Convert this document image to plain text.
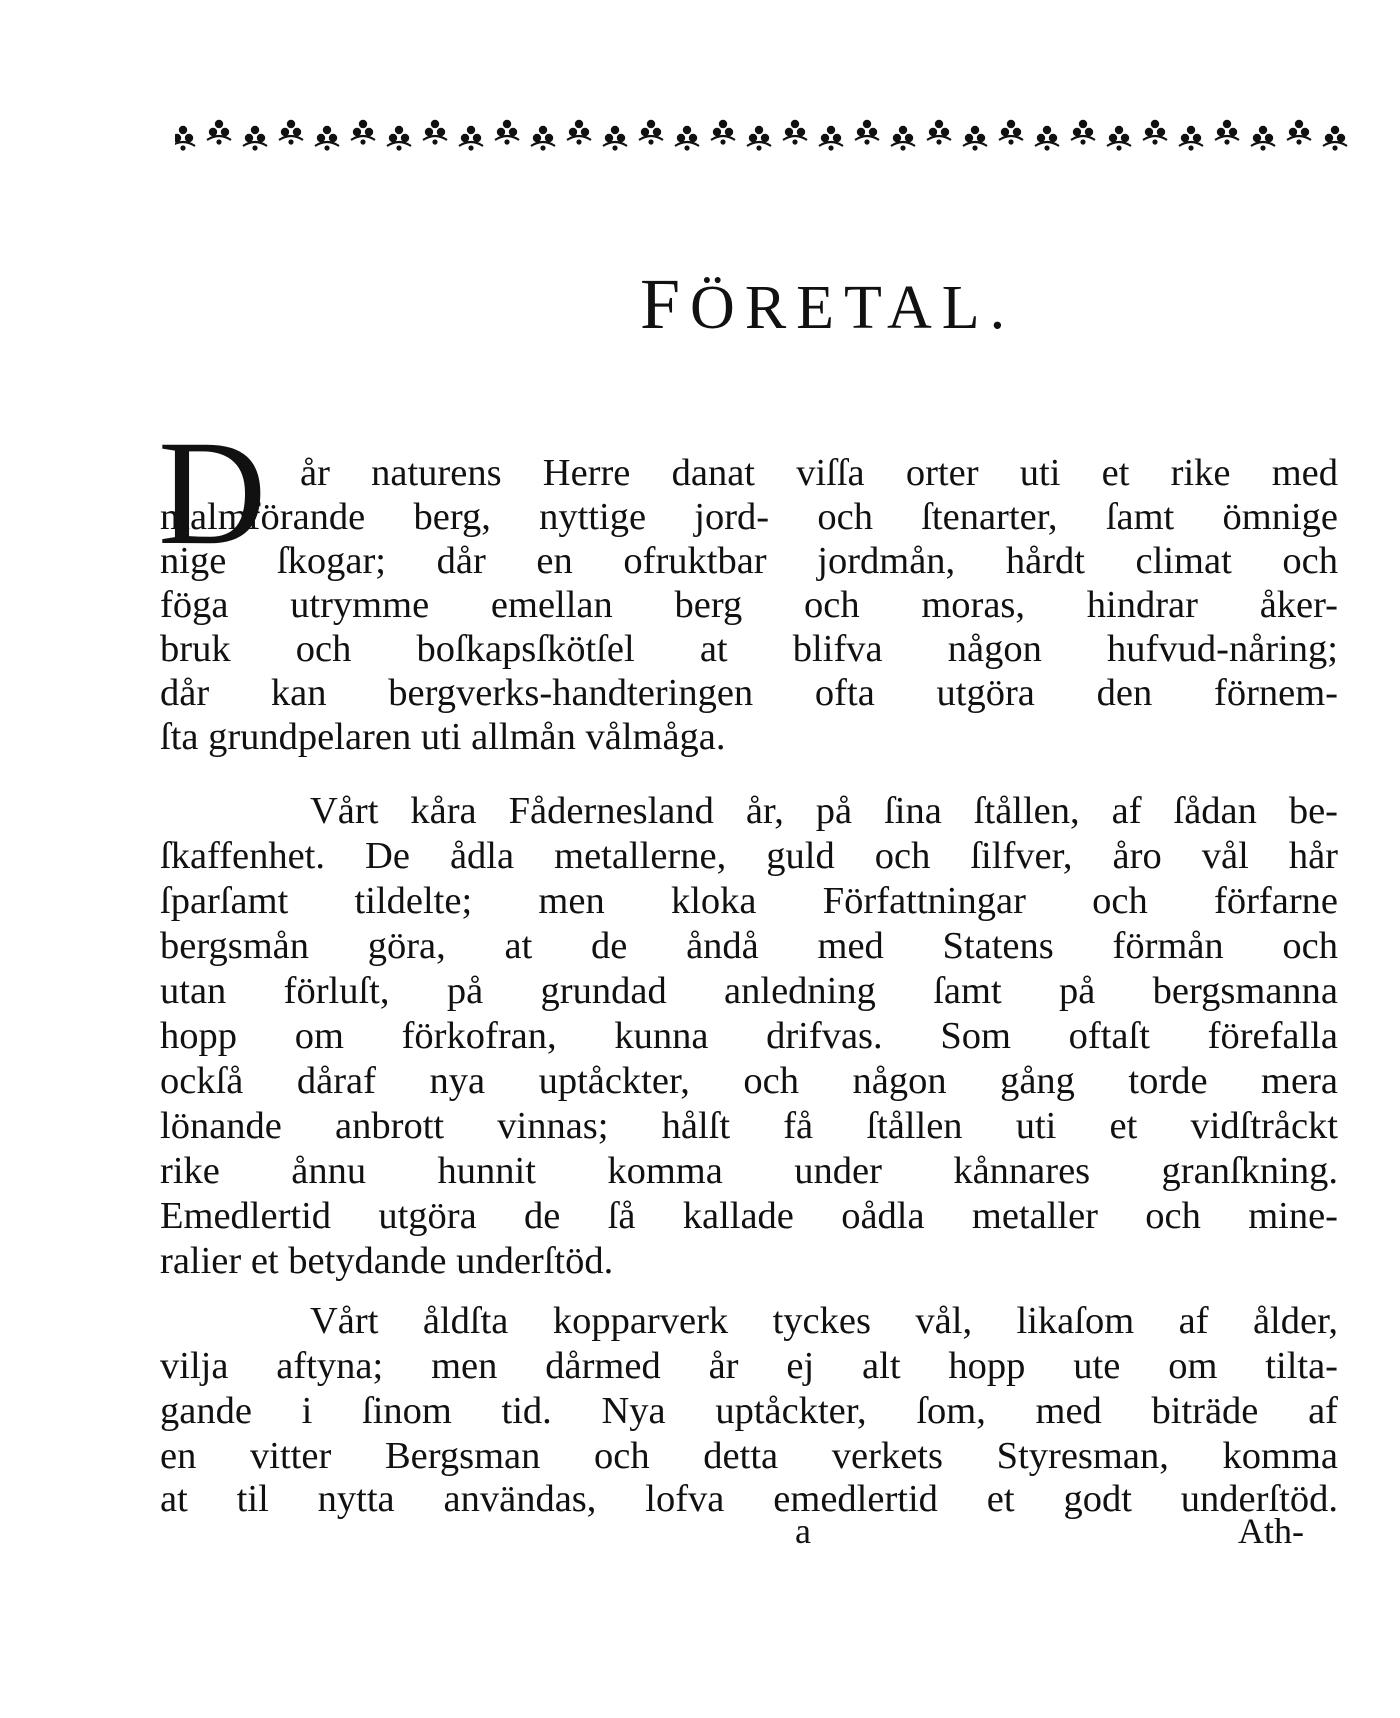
FÖRETAL.
D år naturens Herre danat viſſa orter uti et rike med
malmförande berg, nyttige jord- och ſtenarter, ſamt ömnige
nige ſkogar; dår en ofruktbar jordmån, hårdt climat och
föga utrymme emellan berg och moras, hindrar åker-
bruk och boſkapsſkötſel at blifva någon hufvud-nåring;
dår kan bergverks-handteringen ofta utgöra den förnem-
ſta grundpelaren uti allmån vålmåga.
Vårt kåra Fådernesland år, på ſina ſtållen, af ſådan be-
ſkaffenhet. De ådla metallerne, guld och ſilfver, åro vål hår
ſparſamt tildelte; men kloka Författningar och förfarne
bergsmån göra, at de åndå med Statens förmån och
utan förluſt, på grundad anledning ſamt på bergsmanna
hopp om förkofran, kunna drifvas. Som oftaſt förefalla
ockſå dåraf nya uptåckter, och någon gång torde mera
lönande anbrott vinnas; hålſt få ſtållen uti et vidſtråckt
rike ånnu hunnit komma under kånnares granſkning.
Emedlertid utgöra de ſå kallade oådla metaller och mine-
ralier et betydande underſtöd.
Vårt åldſta kopparverk tyckes vål, likaſom af ålder,
vilja aftyna; men dårmed år ej alt hopp ute om tilta-
gande i ſinom tid. Nya uptåckter, ſom, med biträde af
en vitter Bergsman och detta verkets Styresman, komma
at til nytta användas, lofva emedlertid et godt underſtöd.
a	Ath-
